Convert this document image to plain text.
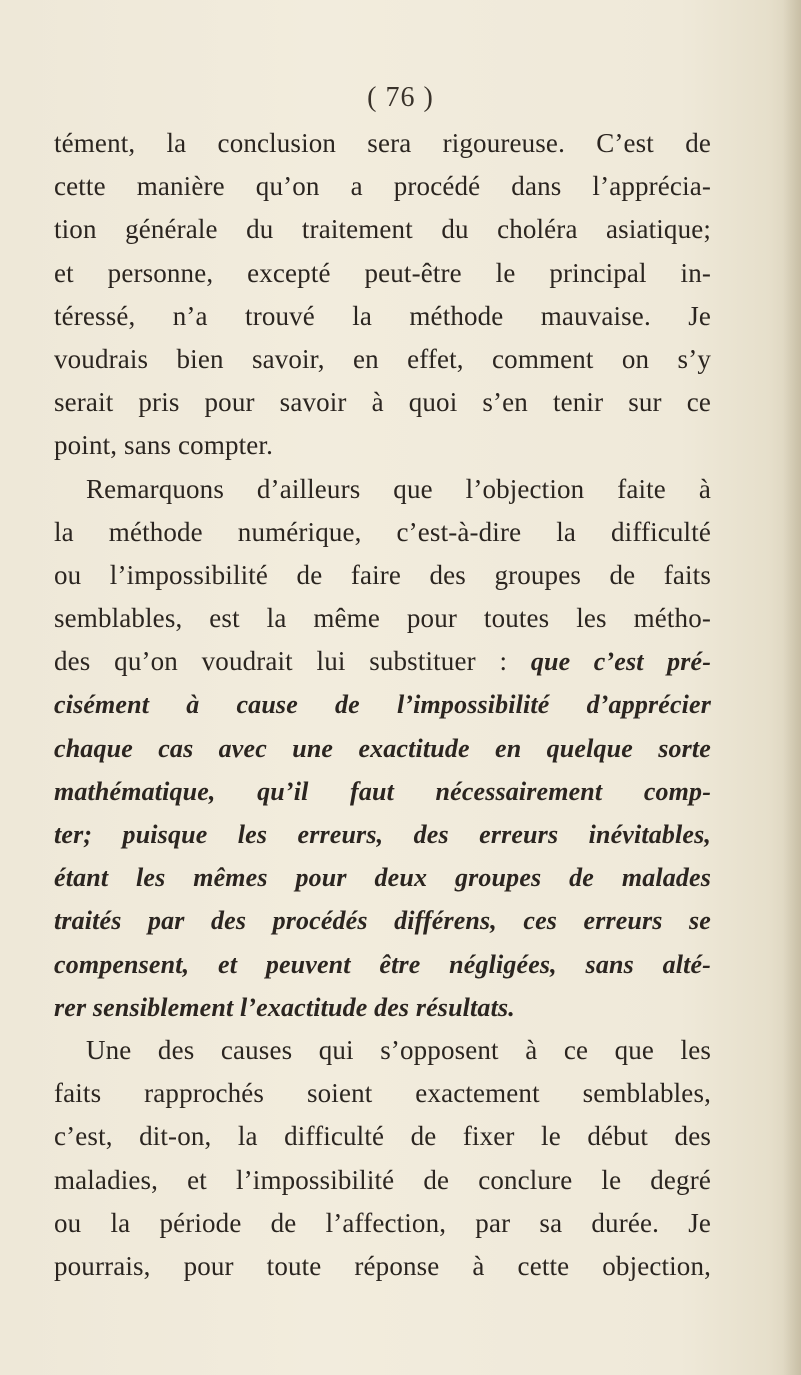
( 76 )
tément, la conclusion sera rigoureuse. C’est de
cette manière qu’on a procédé dans l’apprécia-
tion générale du traitement du choléra asiatique;
et personne, excepté peut-être le principal in-
téressé, n’a trouvé la méthode mauvaise. Je
voudrais bien savoir, en effet, comment on s’y
serait pris pour savoir à quoi s’en tenir sur ce
point, sans compter.
Remarquons d’ailleurs que l’objection faite à
la méthode numérique, c’est-à-dire la difficulté
ou l’impossibilité de faire des groupes de faits
semblables, est la même pour toutes les métho-
des qu’on voudrait lui substituer : que c’est pré-
cisément à cause de l’impossibilité d’apprécier
chaque cas avec une exactitude en quelque sorte
mathématique, qu’il faut nécessairement comp-
ter; puisque les erreurs, des erreurs inévitables,
étant les mêmes pour deux groupes de malades
traités par des procédés différens, ces erreurs se
compensent, et peuvent être négligées, sans alté-
rer sensiblement l’exactitude des résultats.
Une des causes qui s’opposent à ce que les
faits rapprochés soient exactement semblables,
c’est, dit-on, la difficulté de fixer le début des
maladies, et l’impossibilité de conclure le degré
ou la période de l’affection, par sa durée. Je
pourrais, pour toute réponse à cette objection,
